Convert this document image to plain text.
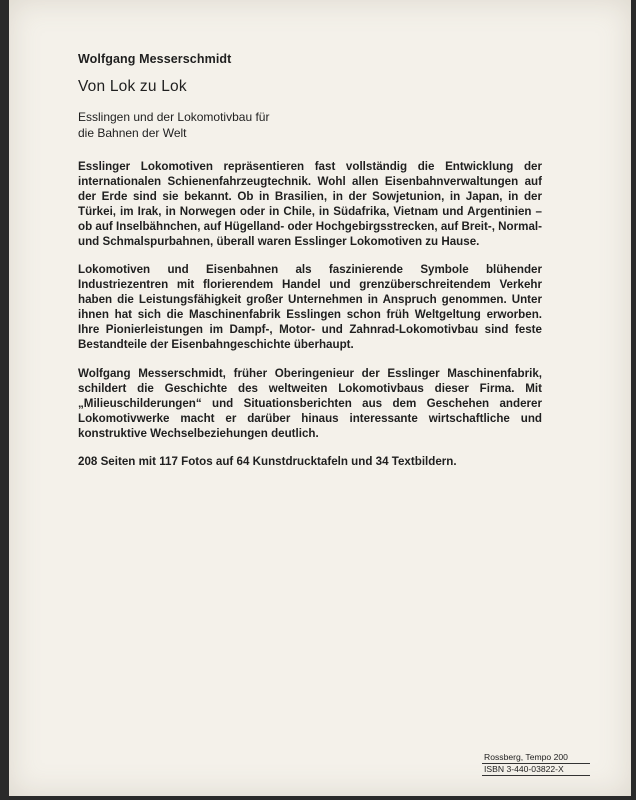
Wolfgang Messerschmidt

Von Lok zu Lok

Esslingen und der Lokomotivbau für
die Bahnen der Welt

Esslinger Lokomotiven repräsentieren fast vollständig die Entwicklung der internationalen Schienenfahrzeugtechnik. Wohl allen Eisenbahnverwaltungen auf der Erde sind sie bekannt. Ob in Brasilien, in der Sowjetunion, in Japan, in der Türkei, im Irak, in Norwegen oder in Chile, in Südafrika, Vietnam und Argentinien – ob auf Inselbähnchen, auf Hügelland- oder Hochgebirgsstrecken, auf Breit-, Normal- und Schmalspurbahnen, überall waren Esslinger Lokomotiven zu Hause.

Lokomotiven und Eisenbahnen als faszinierende Symbole blühender Industriezentren mit florierendem Handel und grenzüberschreitendem Verkehr haben die Leistungsfähigkeit großer Unternehmen in Anspruch genommen. Unter ihnen hat sich die Maschinenfabrik Esslingen schon früh Weltgeltung erworben. Ihre Pionierleistungen im Dampf-, Motor- und Zahnrad-Lokomotivbau sind feste Bestandteile der Eisenbahngeschichte überhaupt.

Wolfgang Messerschmidt, früher Oberingenieur der Esslinger Maschinenfabrik, schildert die Geschichte des weltweiten Lokomotivbaus dieser Firma. Mit „Milieuschilderungen“ und Situationsberichten aus dem Geschehen anderer Lokomotivwerke macht er darüber hinaus interessante wirtschaftliche und konstruktive Wechselbeziehungen deutlich.

208 Seiten mit 117 Fotos auf 64 Kunstdrucktafeln und 34 Textbildern.

Rossberg, Tempo 200
ISBN 3-440-03822-X
